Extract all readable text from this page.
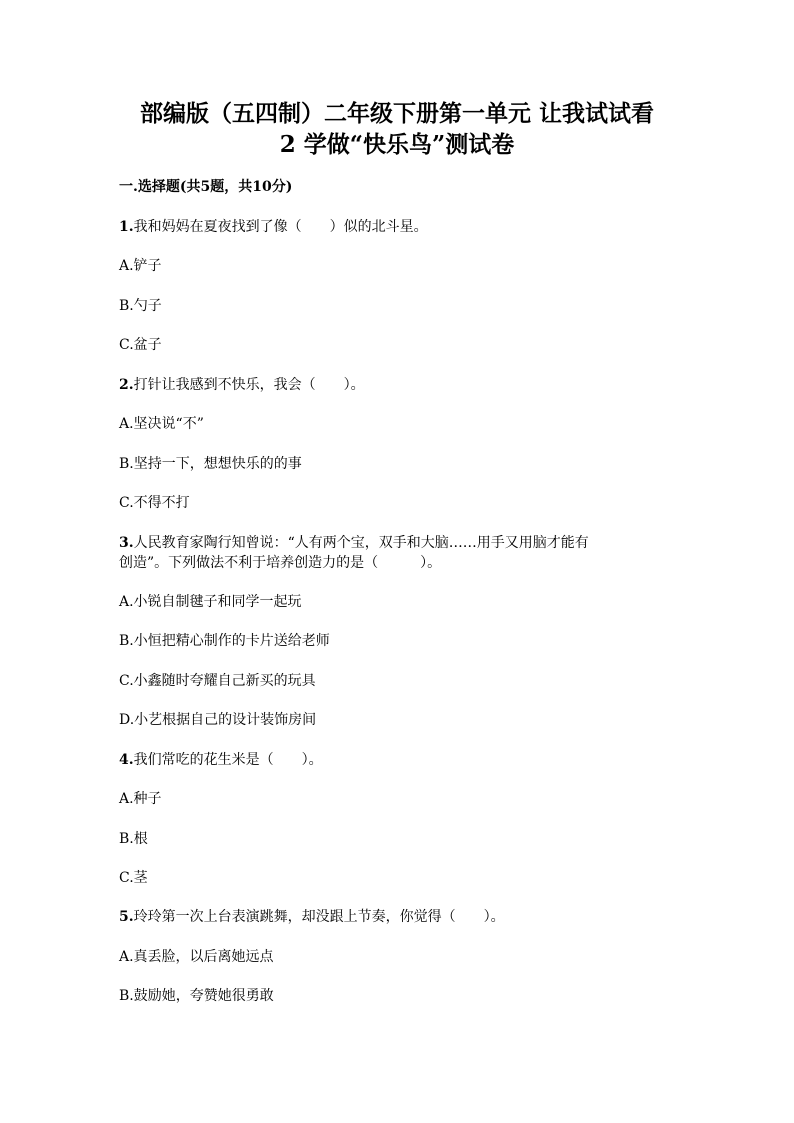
部编版（五四制）二年级下册第一单元 让我试试看
2 学做“快乐鸟”测试卷
一.选择题(共5题，共10分)
1.我和妈妈在夏夜找到了像（　　）似的北斗星。
A.铲子
B.勺子
C.盆子
2.打针让我感到不快乐，我会（　　）。
A.坚决说“不”
B.坚持一下，想想快乐的的事
C.不得不打
3.人民教育家陶行知曾说：“人有两个宝，双手和大脑……用手又用脑才能有
创造”。下列做法不利于培养创造力的是（　　　）。
A.小锐自制毽子和同学一起玩
B.小恒把精心制作的卡片送给老师
C.小鑫随时夸耀自己新买的玩具
D.小艺根据自己的设计装饰房间
4.我们常吃的花生米是（　　）。
A.种子
B.根
C.茎
5.玲玲第一次上台表演跳舞，却没跟上节奏，你觉得（　　）。
A.真丢脸，以后离她远点
B.鼓励她，夸赞她很勇敢
